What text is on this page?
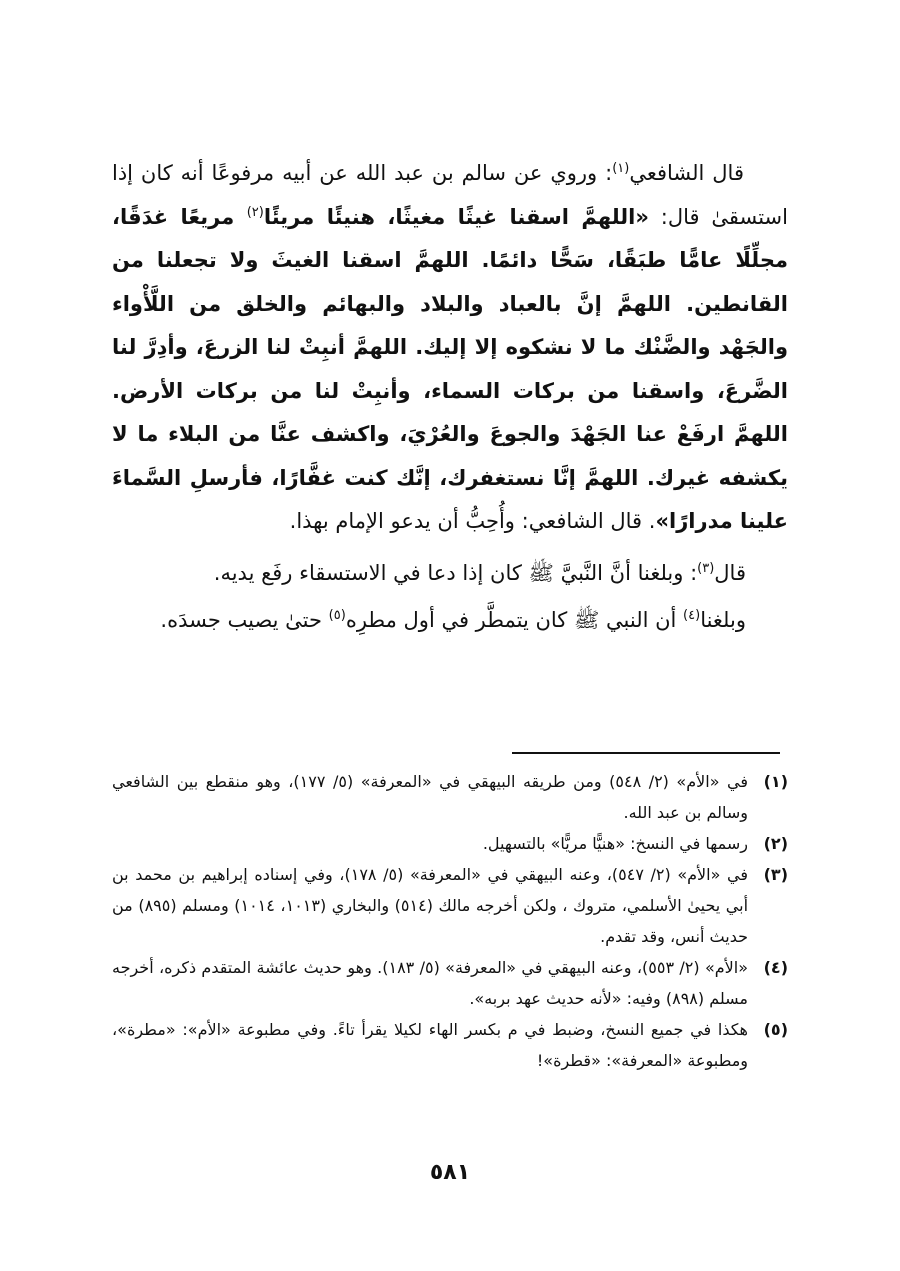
قال الشافعي$^{(١)}$: وروي عن سالم بن عبد الله عن أبيه مرفوعًا أنه كان إذا استسقىٰ قال: «اللهمَّ اسقنا غيثًا مغيثًا، هنيئًا مريئًا$^{(٢)}$ مريعًا غدَقًا، مجلِّلًا عامًّا طبَقًا، سَحًّا دائمًا. اللهمَّ اسقنا الغيثَ ولا تجعلنا من القانطين. اللهمَّ إنَّ بالعباد والبلاد والبهائم والخلق من اللَّأْواء والجَهْد والضَّنْك ما لا نشكوه إلا إليك. اللهمَّ أنبِتْ لنا الزرعَ، وأدِرَّ لنا الضَّرعَ، واسقنا من بركات السماء، وأنبِتْ لنا من بركات الأرض. اللهمَّ ارفَعْ عنا الجَهْدَ والجوعَ والعُرْيَ، واكشف عنَّا من البلاء ما لا يكشفه غيرك. اللهمَّ إنَّا نستغفرك، إنَّك كنت غفَّارًا، فأرسلِ السَّماءَ علينا مدرارًا». قال الشافعي: وأُحِبُّ أن يدعو الإمام بهذا.

قال$^{(٣)}$: وبلغنا أنَّ النَّبيَّ ﷺ كان إذا دعا في الاستسقاء رفَع يديه.

وبلغنا$^{(٤)}$ أن النبي ﷺ كان يتمطَّر في أول مطرِه$^{(٥)}$ حتىٰ يصيب جسدَه.

(١)
في «الأم» (٢/ ٥٤٨) ومن طريقه البيهقي في «المعرفة» (٥/ ١٧٧)، وهو منقطع بين الشافعي وسالم بن عبد الله.
(٢)
رسمها في النسخ: «هنيًّا مريًّا» بالتسهيل.
(٣)
في «الأم» (٢/ ٥٤٧)، وعنه البيهقي في «المعرفة» (٥/ ١٧٨)، وفي إسناده إبراهيم بن محمد بن أبي يحيىٰ الأسلمي، متروك ، ولكن أخرجه مالك (٥١٤) والبخاري (١٠١٣، ١٠١٤) ومسلم (٨٩٥) من حديث أنس، وقد تقدم.
(٤)
«الأم» (٢/ ٥٥٣)، وعنه البيهقي في «المعرفة» (٥/ ١٨٣). وهو حديث عائشة المتقدم ذكره، أخرجه مسلم (٨٩٨) وفيه: «لأنه حديث عهد بربه».
(٥)
هكذا في جميع النسخ، وضبط في م بكسر الهاء لكيلا يقرأ تاءً. وفي مطبوعة «الأم»: «مطرة»، ومطبوعة «المعرفة»: «قطرة»!
٥٨١
